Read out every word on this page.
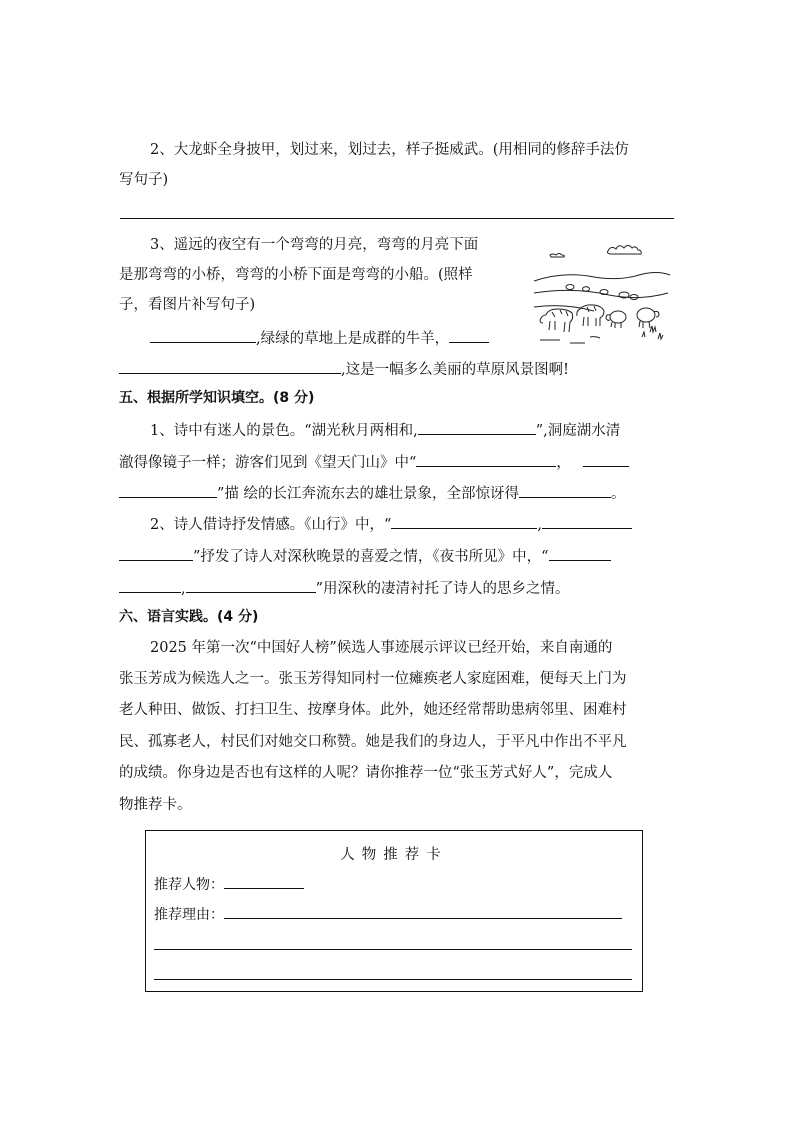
2、大龙虾全身披甲，划过来，划过去，样子挺威武。(用相同的修辞手法仿
写句子)
3、遥远的夜空有一个弯弯的月亮，弯弯的月亮下面
是那弯弯的小桥，弯弯的小桥下面是弯弯的小船。(照样
子，看图片补写句子)
,绿绿的草地上是成群的牛羊，
,这是一幅多么美丽的草原风景图啊!
五、根据所学知识填空。(8 分)
1、诗中有迷人的景色。“湖光秋月两相和,	”,洞庭湖水清
澈得像镜子一样；游客们见到《望天门山》中“	，
”描 绘的长江奔流东去的雄壮景象，全部惊讶得	。
2、诗人借诗抒发情感。《山行》中，“	,
”抒发了诗人对深秋晚景的喜爱之情，《夜书所见》中，“
,	”用深秋的凄清衬托了诗人的思乡之情。
六、语言实践。(4 分)
2025 年第一次“中国好人榜”候选人事迹展示评议已经开始，来自南通的
张玉芳成为候选人之一。张玉芳得知同村一位瘫痪老人家庭困难，便每天上门为
老人种田、做饭、打扫卫生、按摩身体。此外，她还经常帮助患病邻里、困难村
民、孤寡老人，村民们对她交口称赞。她是我们的身边人，于平凡中作出不平凡
的成绩。你身边是否也有这样的人呢？请你推荐一位“张玉芳式好人”，完成人
物推荐卡。
人物推荐卡
推荐人物：
推荐理由：
